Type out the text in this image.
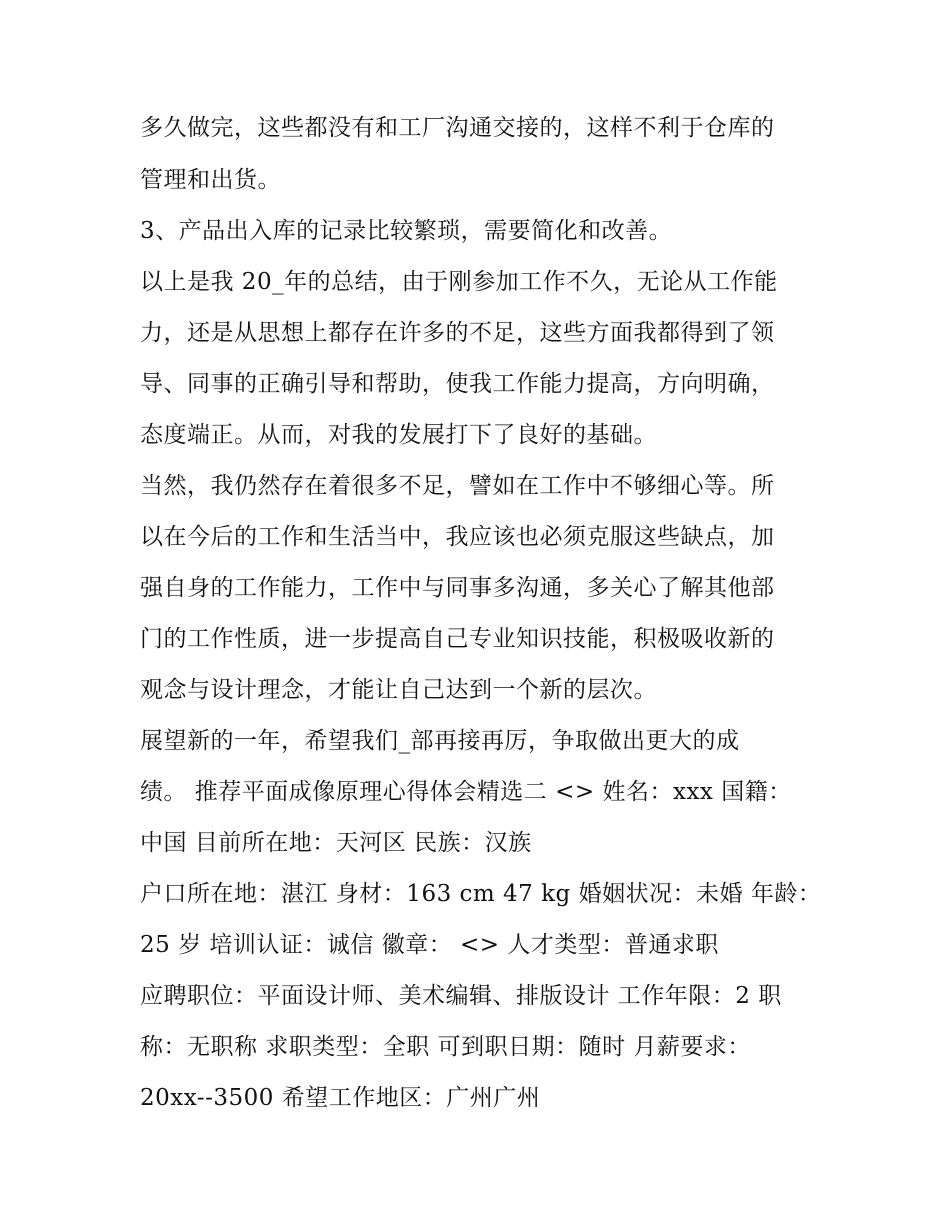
多久做完，这些都没有和工厂沟通交接的，这样不利于仓库的
管理和出货。
3、产品出入库的记录比较繁琐，需要简化和改善。
以上是我 20_年的总结，由于刚参加工作不久，无论从工作能
力，还是从思想上都存在许多的不足，这些方面我都得到了领
导、同事的正确引导和帮助，使我工作能力提高，方向明确，
态度端正。从而，对我的发展打下了良好的基础。
当然，我仍然存在着很多不足，譬如在工作中不够细心等。所
以在今后的工作和生活当中，我应该也必须克服这些缺点，加
强自身的工作能力，工作中与同事多沟通，多关心了解其他部
门的工作性质，进一步提高自己专业知识技能，积极吸收新的
观念与设计理念，才能让自己达到一个新的层次。
展望新的一年，希望我们_部再接再厉，争取做出更大的成
绩。 推荐平面成像原理心得体会精选二 <> 姓名：xxx 国籍：
中国 目前所在地：天河区 民族：汉族
户口所在地：湛江 身材：163 cm 47 kg 婚姻状况：未婚 年龄：
25 岁 培训认证：诚信 徽章： <> 人才类型：普通求职
应聘职位：平面设计师、美术编辑、排版设计 工作年限：2 职
称：无职称 求职类型：全职 可到职日期：随时 月薪要求：
20xx--3500 希望工作地区：广州广州
